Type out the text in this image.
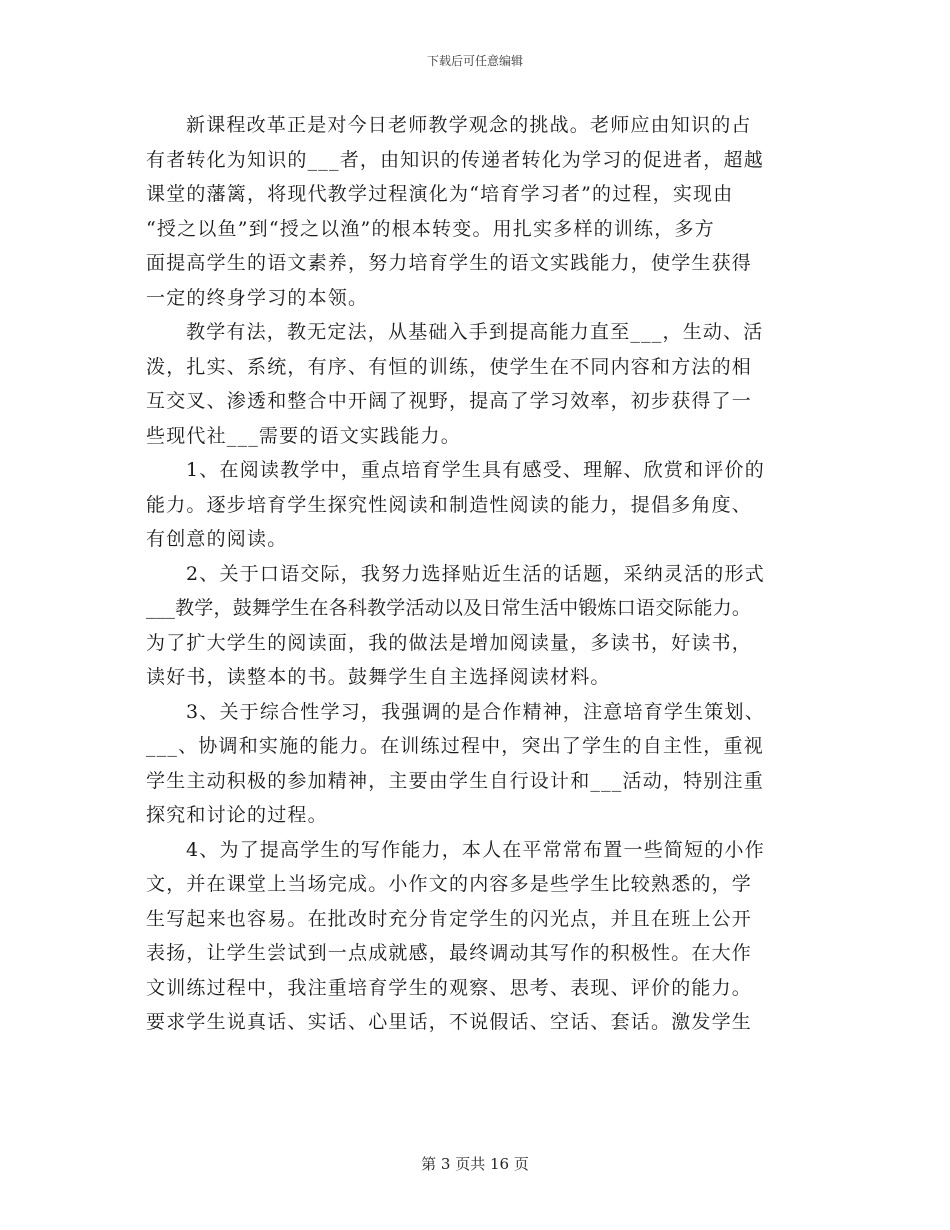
下载后可任意编辑
新课程改革正是对今日老师教学观念的挑战。老师应由知识的占
有者转化为知识的___者，由知识的传递者转化为学习的促进者，超越
课堂的藩篱，将现代教学过程演化为“培育学习者”的过程，实现由
“授之以鱼”到“授之以渔”的根本转变。用扎实多样的训练，多方
面提高学生的语文素养，努力培育学生的语文实践能力，使学生获得
一定的终身学习的本领。
教学有法，教无定法，从基础入手到提高能力直至___，生动、活
泼，扎实、系统，有序、有恒的训练，使学生在不同内容和方法的相
互交叉、渗透和整合中开阔了视野，提高了学习效率，初步获得了一
些现代社___需要的语文实践能力。
1、在阅读教学中，重点培育学生具有感受、理解、欣赏和评价的
能力。逐步培育学生探究性阅读和制造性阅读的能力，提倡多角度、
有创意的阅读。
2、关于口语交际，我努力选择贴近生活的话题，采纳灵活的形式
___教学，鼓舞学生在各科教学活动以及日常生活中锻炼口语交际能力。
为了扩大学生的阅读面，我的做法是增加阅读量，多读书，好读书，
读好书，读整本的书。鼓舞学生自主选择阅读材料。
3、关于综合性学习，我强调的是合作精神，注意培育学生策划、
___、协调和实施的能力。在训练过程中，突出了学生的自主性，重视
学生主动积极的参加精神，主要由学生自行设计和___活动，特别注重
探究和讨论的过程。
4、为了提高学生的写作能力，本人在平常常布置一些简短的小作
文，并在课堂上当场完成。小作文的内容多是些学生比较熟悉的，学
生写起来也容易。在批改时充分肯定学生的闪光点，并且在班上公开
表扬，让学生尝试到一点成就感，最终调动其写作的积极性。在大作
文训练过程中，我注重培育学生的观察、思考、表现、评价的能力。
要求学生说真话、实话、心里话，不说假话、空话、套话。激发学生
第 3 页共 16 页
